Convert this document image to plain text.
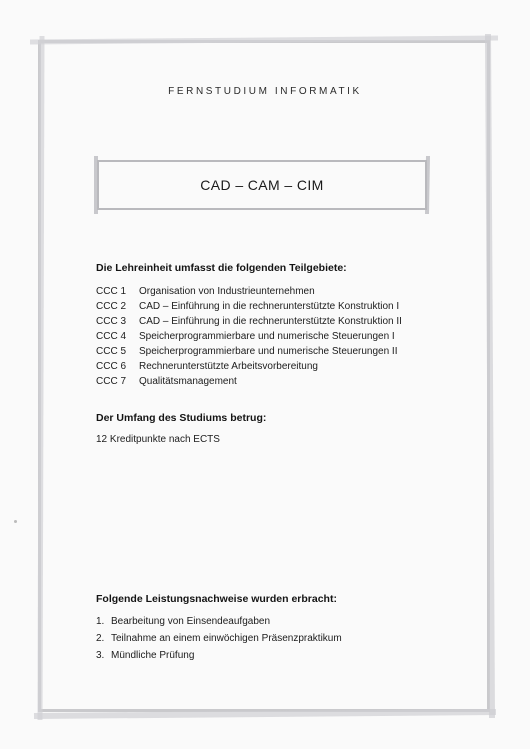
FERNSTUDIUM INFORMATIK
CAD – CAM – CIM
Die Lehreinheit umfasst die folgenden Teilgebiete:
CCC 1 Organisation von Industrieunternehmen
CCC 2 CAD – Einführung in die rechnerunterstützte Konstruktion I
CCC 3 CAD – Einführung in die rechnerunterstützte Konstruktion II
CCC 4 Speicherprogrammierbare und numerische Steuerungen I
CCC 5 Speicherprogrammierbare und numerische Steuerungen II
CCC 6 Rechnerunterstützte Arbeitsvorbereitung
CCC 7 Qualitätsmanagement
Der Umfang des Studiums betrug:
12 Kreditpunkte nach ECTS
Folgende Leistungsnachweise wurden erbracht:
1. Bearbeitung von Einsendeaufgaben
2. Teilnahme an einem einwöchigen Präsenzpraktikum
3. Mündliche Prüfung
